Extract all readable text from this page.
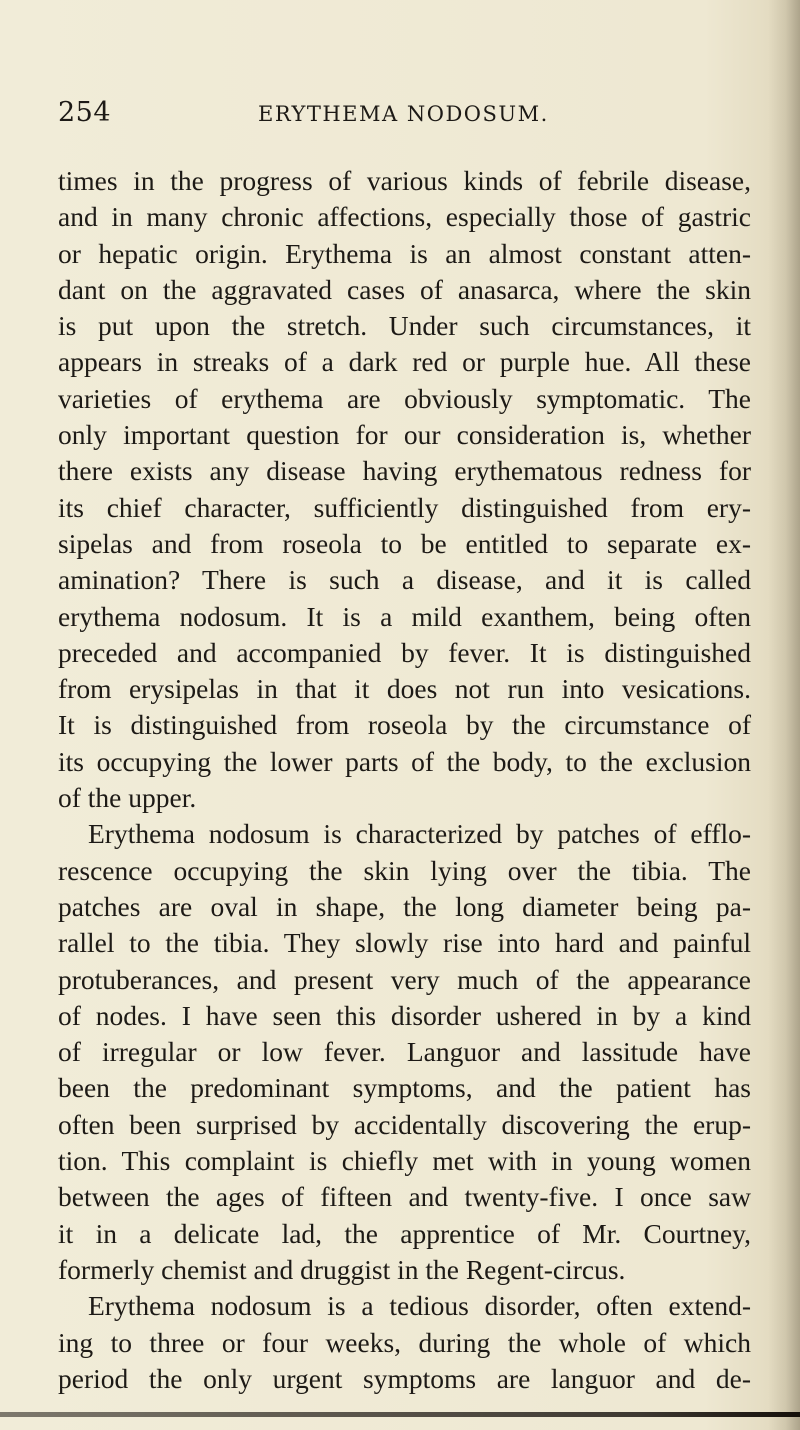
254	ERYTHEMA NODOSUM.
times in the progress of various kinds of febrile disease,
and in many chronic affections, especially those of gastric
or hepatic origin. Erythema is an almost constant atten-
dant on the aggravated cases of anasarca, where the skin
is put upon the stretch. Under such circumstances, it
appears in streaks of a dark red or purple hue. All these
varieties of erythema are obviously symptomatic. The
only important question for our consideration is, whether
there exists any disease having erythematous redness for
its chief character, sufficiently distinguished from ery-
sipelas and from roseola to be entitled to separate ex-
amination? There is such a disease, and it is called
erythema nodosum. It is a mild exanthem, being often
preceded and accompanied by fever. It is distinguished
from erysipelas in that it does not run into vesications.
It is distinguished from roseola by the circumstance of
its occupying the lower parts of the body, to the exclusion
of the upper.
Erythema nodosum is characterized by patches of efflo-
rescence occupying the skin lying over the tibia. The
patches are oval in shape, the long diameter being pa-
rallel to the tibia. They slowly rise into hard and painful
protuberances, and present very much of the appearance
of nodes. I have seen this disorder ushered in by a kind
of irregular or low fever. Languor and lassitude have
been the predominant symptoms, and the patient has
often been surprised by accidentally discovering the erup-
tion. This complaint is chiefly met with in young women
between the ages of fifteen and twenty-five. I once saw
it in a delicate lad, the apprentice of Mr. Courtney,
formerly chemist and druggist in the Regent-circus.
Erythema nodosum is a tedious disorder, often extend-
ing to three or four weeks, during the whole of which
period the only urgent symptoms are languor and de-
